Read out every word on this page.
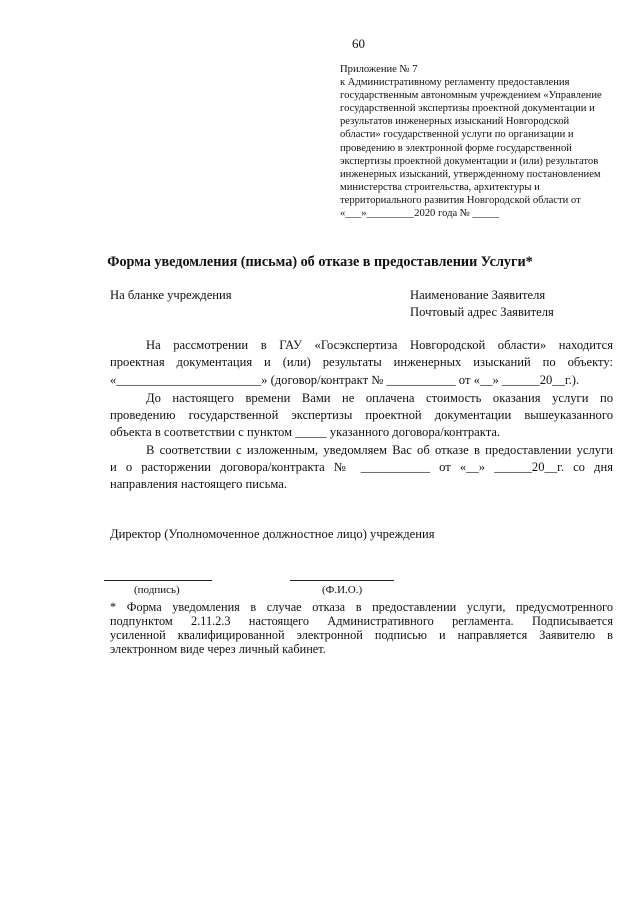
60
Приложение № 7
к Административному регламенту предоставления
государственным автономным учреждением «Управление
государственной экспертизы проектной документации и
результатов инженерных изысканий Новгородской
области» государственной услуги по организации и
проведению в электронной форме государственной
экспертизы проектной документации и (или) результатов
инженерных изысканий, утвержденному постановлением
министерства строительства, архитектуры и
территориального развития Новгородской области от
«___»_________2020 года № _____
Форма уведомления (письма) об отказе в предоставлении Услуги*
На бланке учреждения	Наименование Заявителя
Почтовый адрес Заявителя
На рассмотрении в ГАУ «Госэкспертиза Новгородской области» находится
проектная документация и (или) результаты инженерных изысканий по объекту:
«_______________________» (договор/контракт № ___________ от «__» ______20__г.).
До настоящего времени Вами не оплачена стоимость оказания услуги по
проведению государственной экспертизы проектной документации вышеуказанного
объекта в соответствии с пунктом _____ указанного договора/контракта.
В соответствии с изложенным, уведомляем Вас об отказе в предоставлении услуги
и о расторжении договора/контракта № ___________ от «__» ______20__г. со дня
направления настоящего письма.
Директор (Уполномоченное должностное лицо) учреждения
(подпись)	(Ф.И.О.)
* Форма уведомления в случае отказа в предоставлении услуги, предусмотренного
подпунктом 2.11.2.3 настоящего Административного регламента. Подписывается
усиленной квалифицированной электронной подписью и направляется Заявителю в
электронном виде через личный кабинет.
